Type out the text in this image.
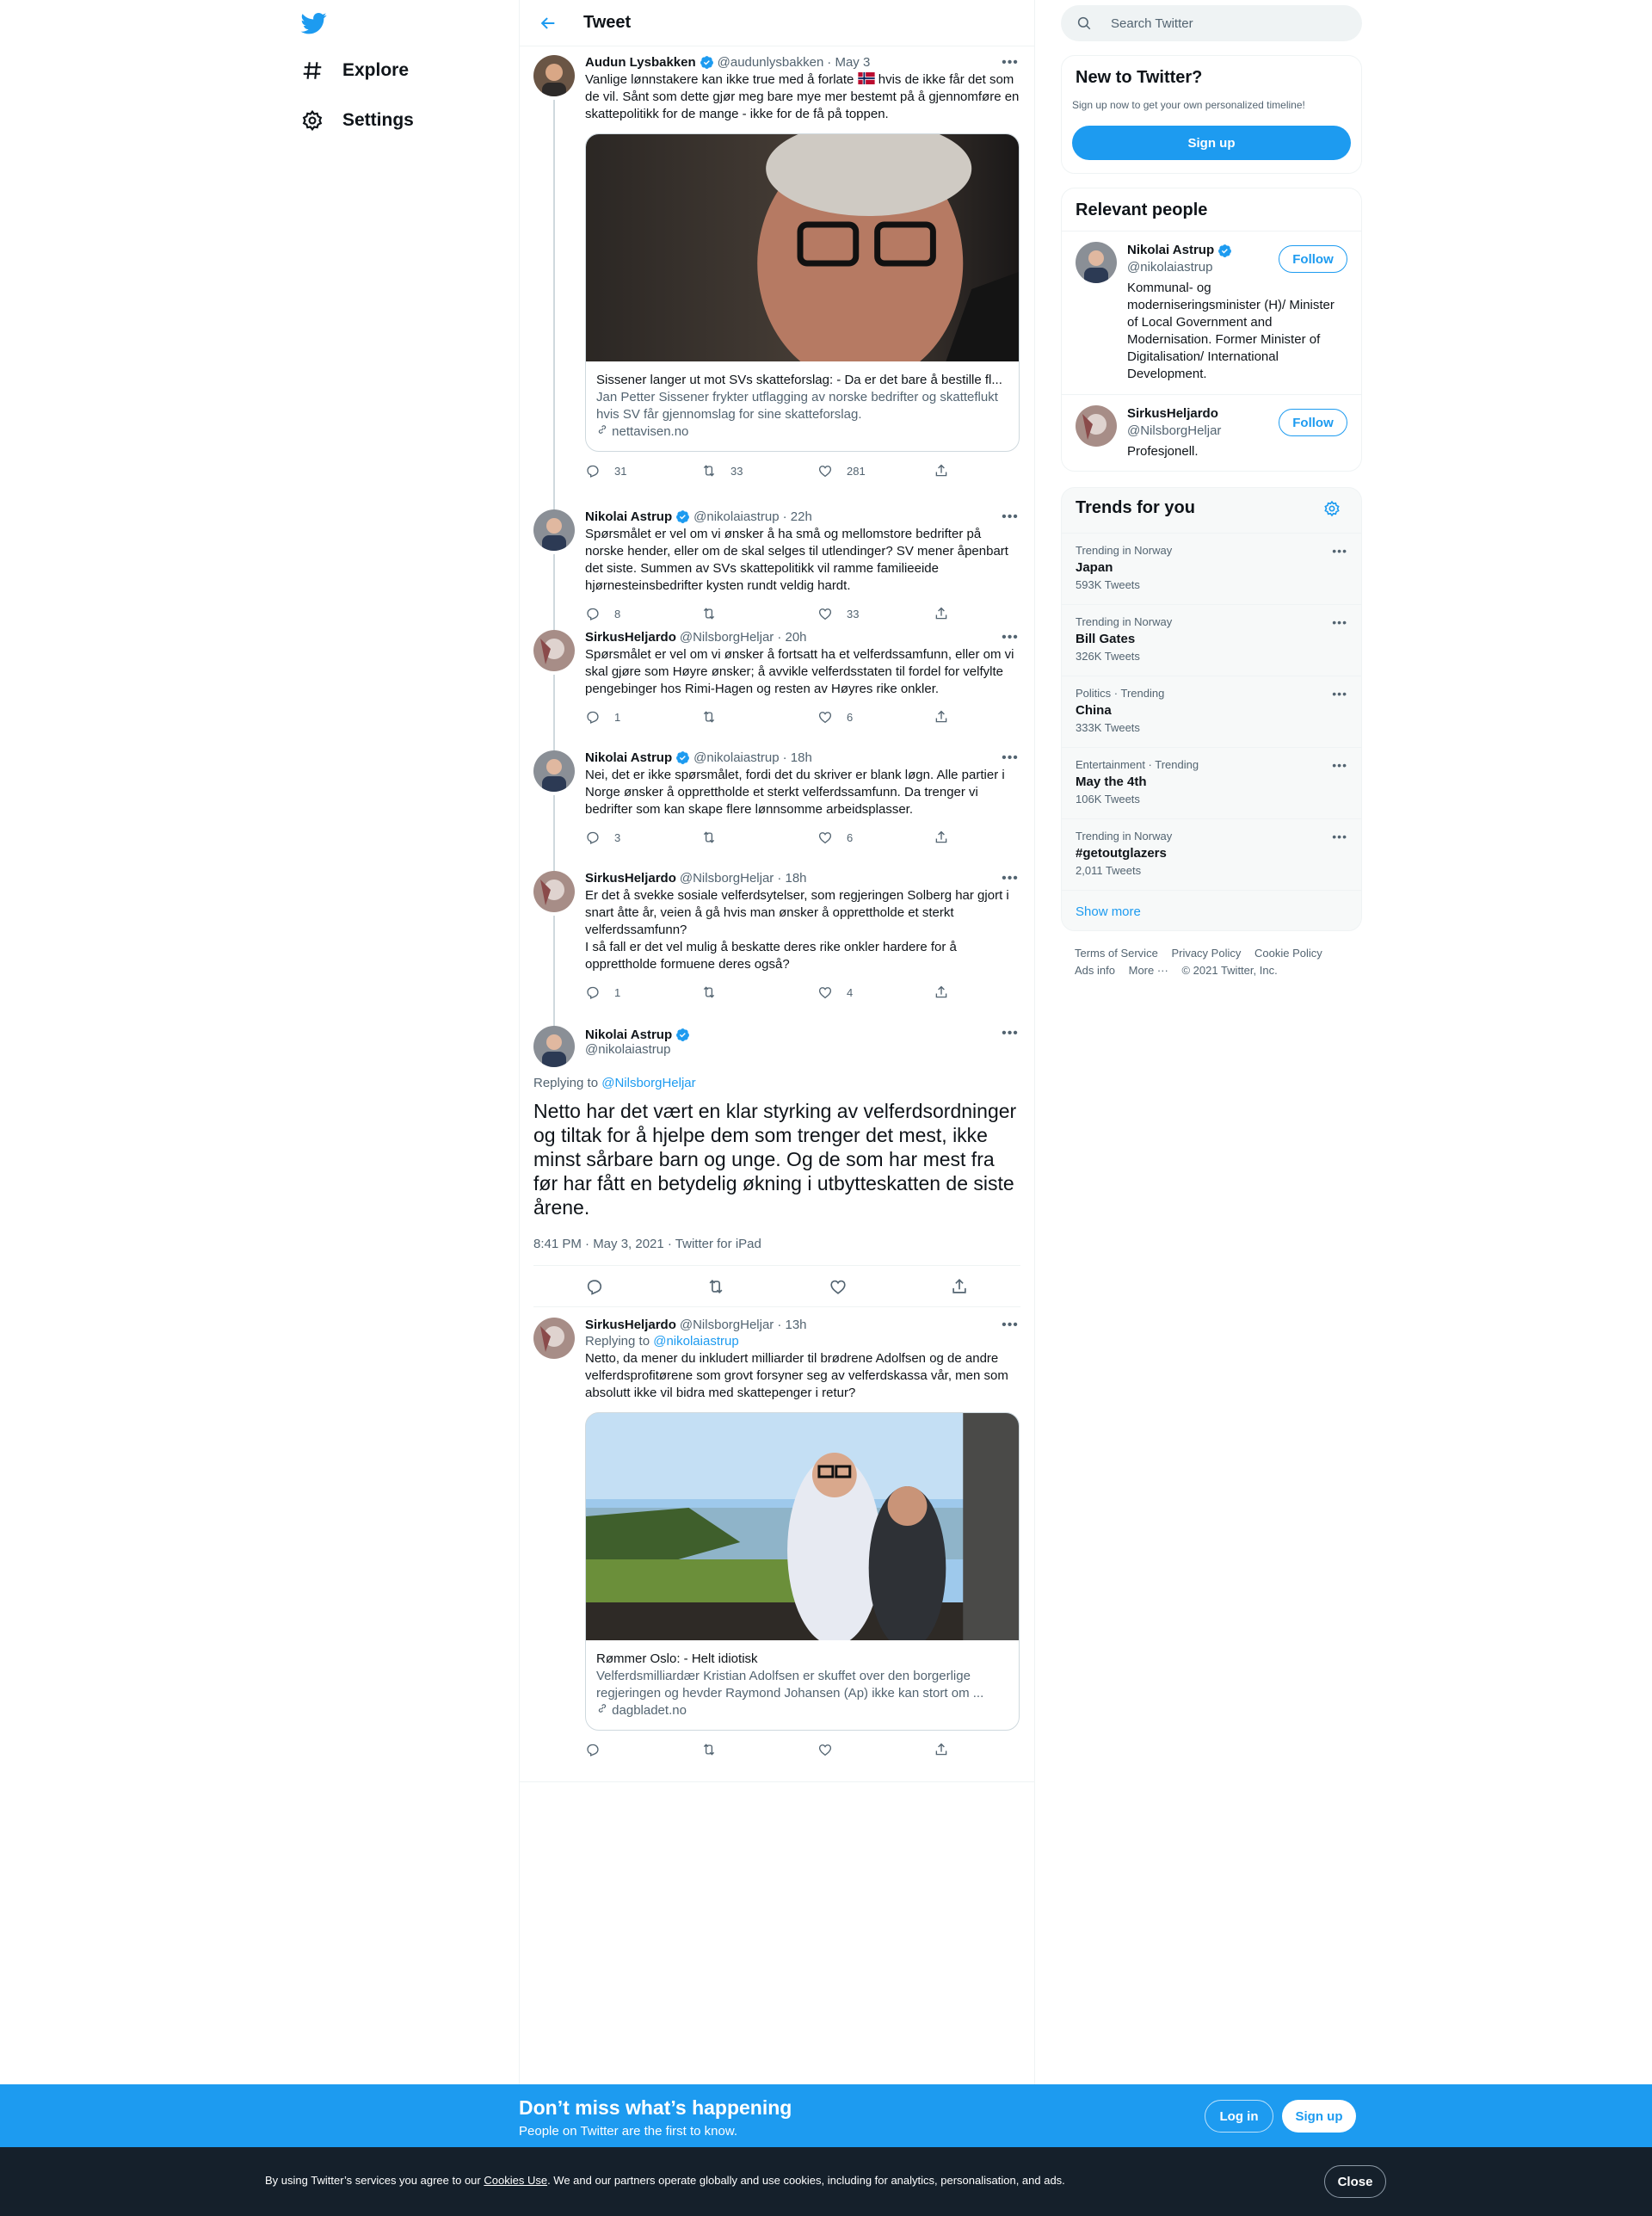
Explore
Settings
Tweet
•••
Audun Lysbakken @audunlysbakken · May 3
Vanlige lønnstakere kan ikke true med å forlate  hvis de ikke får det som de vil. Sånt som dette gjør meg bare mye mer bestemt på å gjennomføre en skattepolitikk for de mange - ikke for de få på toppen.
Sissener langer ut mot SVs skatteforslag: - Da er det bare å bestille fl...
Jan Petter Sissener frykter utflagging av norske bedrifter og skatteflukt hvis SV får gjennomslag for sine skatteforslag.
nettavisen.no
31	33	281
•••
Nikolai Astrup @nikolaiastrup · 22h
Spørsmålet er vel om vi ønsker å ha små og mellomstore bedrifter på norske hender, eller om de skal selges til utlendinger? SV mener åpenbart det siste. Summen av SVs skattepolitikk vil ramme familieeide hjørnesteinsbedrifter kysten rundt veldig hardt.
8	33
•••
SirkusHeljardo @NilsborgHeljar · 20h
Spørsmålet er vel om vi ønsker å fortsatt ha et velferdssamfunn, eller om vi skal gjøre som Høyre ønsker; å avvikle velferdsstaten til fordel for velfylte pengebinger hos Rimi-Hagen og resten av Høyres rike onkler.
1	6
•••
Nikolai Astrup @nikolaiastrup · 18h
Nei, det er ikke spørsmålet, fordi det du skriver er blank løgn. Alle partier i Norge ønsker å opprettholde et sterkt velferdssamfunn. Da trenger vi bedrifter som kan skape flere lønnsomme arbeidsplasser.
3	6
•••
SirkusHeljardo @NilsborgHeljar · 18h
Er det å svekke sosiale velferdsytelser, som regjeringen Solberg har gjort i snart åtte år, veien å gå hvis man ønsker å opprettholde et sterkt velferdssamfunn?
I så fall er det vel mulig å beskatte deres rike onkler hardere for å opprettholde formuene deres også?
1	4
•••
Nikolai Astrup
@nikolaiastrup
Replying to @NilsborgHeljar
Netto har det vært en klar styrking av velferdsordninger og tiltak for å hjelpe dem som trenger det mest, ikke minst sårbare barn og unge. Og de som har mest fra før har fått en betydelig økning i utbytteskatten de siste årene.
8:41 PM · May 3, 2021 · Twitter for iPad
•••
SirkusHeljardo @NilsborgHeljar · 13h
Replying to @nikolaiastrup
Netto, da mener du inkludert milliarder til brødrene Adolfsen og de andre velferdsprofitørene som grovt forsyner seg av velferdskassa vår, men som absolutt ikke vil bidra med skattepenger i retur?
Rømmer Oslo: - Helt idiotisk
Velferdsmilliardær Kristian Adolfsen er skuffet over den borgerlige regjeringen og hevder Raymond Johansen (Ap) ikke kan stort om ...
dagbladet.no
Search Twitter
New to Twitter?
Sign up now to get your own personalized timeline!
Sign up
Relevant people
Follow
Nikolai Astrup
@nikolaiastrup
Kommunal- og moderniseringsminister (H)/ Minister of Local Government and Modernisation. Former Minister of Digitalisation/ International Development.
Follow
SirkusHeljardo
@NilsborgHeljar
Profesjonell.
Trends for you
Trending in Norway
Japan
593K Tweets
•••
Trending in Norway
Bill Gates
326K Tweets
•••
Politics · Trending
China
333K Tweets
•••
Entertainment · Trending
May the 4th
106K Tweets
•••
Trending in Norway
#getoutglazers
2,011 Tweets
•••
Show more
Terms of Service Privacy Policy Cookie Policy
Ads info More ··· © 2021 Twitter, Inc.
Don’t miss what’s happening
People on Twitter are the first to know.
Log in	Sign up
By using Twitter’s services you agree to our Cookies Use. We and our partners operate globally and use cookies, including for analytics, personalisation, and ads.	Close
